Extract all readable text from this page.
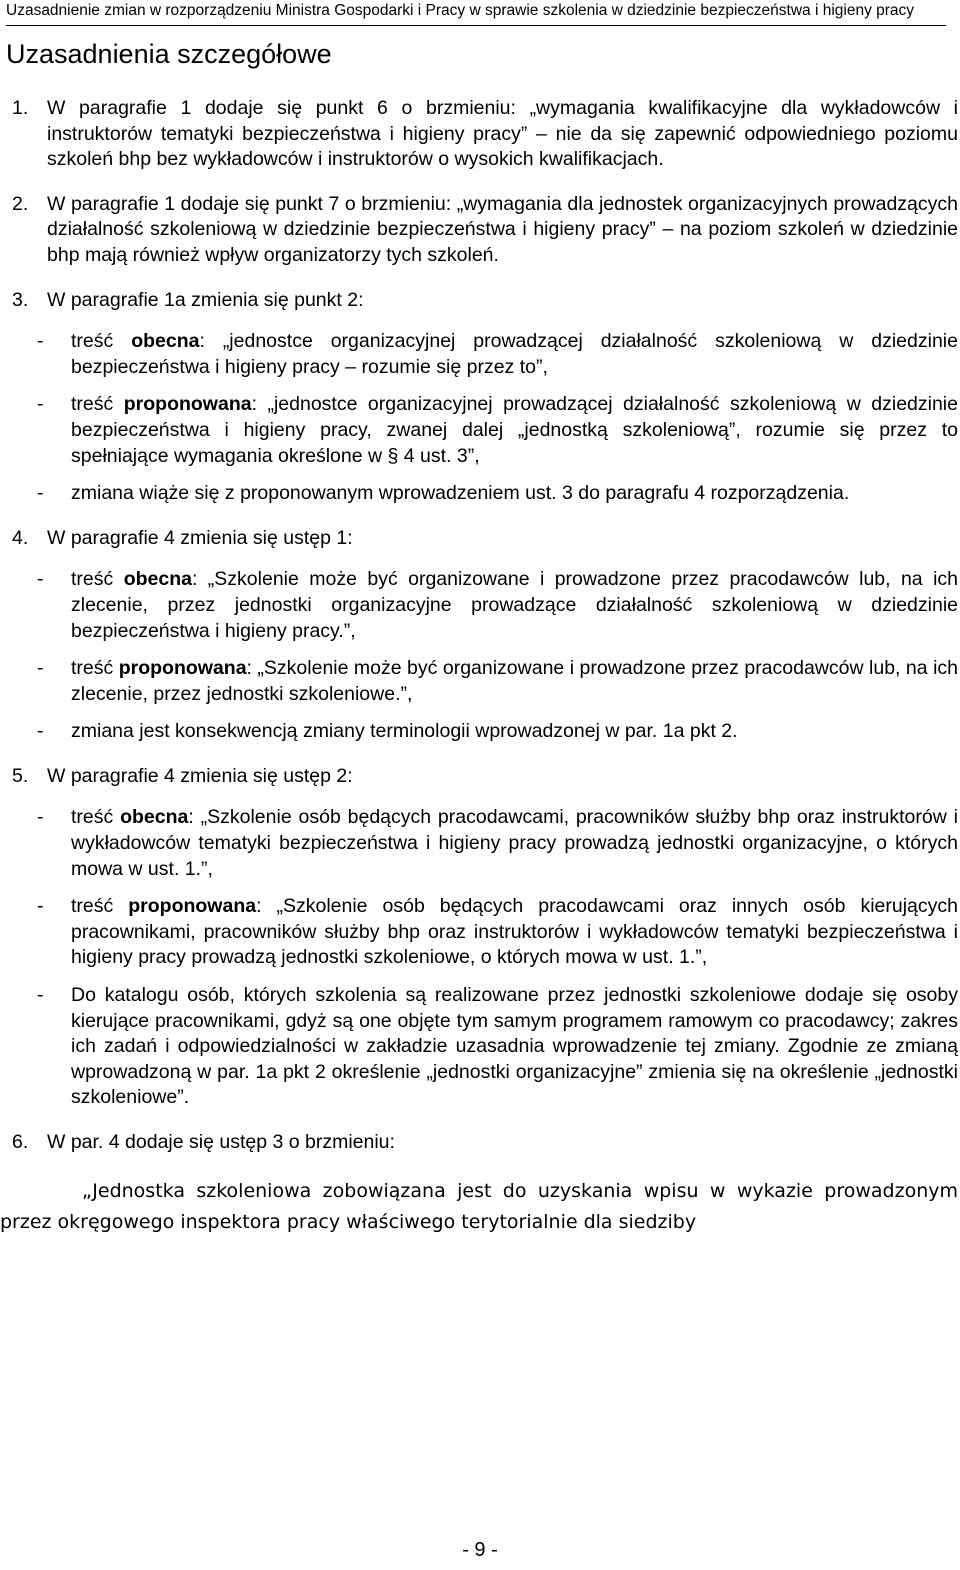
Uzasadnienie zmian w rozporządzeniu Ministra Gospodarki i Pracy w sprawie szkolenia w dziedzinie bezpieczeństwa i higieny pracy
Uzasadnienia szczegółowe
1. W paragrafie 1 dodaje się punkt 6 o brzmieniu: „wymagania kwalifikacyjne dla wykładowców i instruktorów tematyki bezpieczeństwa i higieny pracy” – nie da się zapewnić odpowiedniego poziomu szkoleń bhp bez wykładowców i instruktorów o wysokich kwalifikacjach.
2. W paragrafie 1 dodaje się punkt 7 o brzmieniu: „wymagania dla jednostek organizacyjnych prowadzących działalność szkoleniową w dziedzinie bezpieczeństwa i higieny pracy” – na poziom szkoleń w dziedzinie bhp mają również wpływ organizatorzy tych szkoleń.
3. W paragrafie 1a zmienia się punkt 2:
- treść obecna: „jednostce organizacyjnej prowadzącej działalność szkoleniową w dziedzinie bezpieczeństwa i higieny pracy – rozumie się przez to”,
- treść proponowana: „jednostce organizacyjnej prowadzącej działalność szkoleniową w dziedzinie bezpieczeństwa i higieny pracy, zwanej dalej „jednostką szkoleniową”, rozumie się przez to spełniające wymagania określone w § 4 ust. 3”,
- zmiana wiąże się z proponowanym wprowadzeniem ust. 3 do paragrafu 4 rozporządzenia.
4. W paragrafie 4 zmienia się ustęp 1:
- treść obecna: „Szkolenie może być organizowane i prowadzone przez pracodawców lub, na ich zlecenie, przez jednostki organizacyjne prowadzące działalność szkoleniową w dziedzinie bezpieczeństwa i higieny pracy.”,
- treść proponowana: „Szkolenie może być organizowane i prowadzone przez pracodawców lub, na ich zlecenie, przez jednostki szkoleniowe.”,
- zmiana jest konsekwencją zmiany terminologii wprowadzonej w par. 1a pkt 2.
5. W paragrafie 4 zmienia się ustęp 2:
- treść obecna: „Szkolenie osób będących pracodawcami, pracowników służby bhp oraz instruktorów i wykładowców tematyki bezpieczeństwa i higieny pracy prowadzą jednostki organizacyjne, o których mowa w ust. 1.”,
- treść proponowana: „Szkolenie osób będących pracodawcami oraz innych osób kierujących pracownikami, pracowników służby bhp oraz instruktorów i wykładowców tematyki bezpieczeństwa i higieny pracy prowadzą jednostki szkoleniowe, o których mowa w ust. 1.”,
- Do katalogu osób, których szkolenia są realizowane przez jednostki szkoleniowe dodaje się osoby kierujące pracownikami, gdyż są one objęte tym samym programem ramowym co pracodawcy; zakres ich zadań i odpowiedzialności w zakładzie uzasadnia wprowadzenie tej zmiany. Zgodnie ze zmianą wprowadzoną w par. 1a pkt 2 określenie „jednostki organizacyjne” zmienia się na określenie „jednostki szkoleniowe”.
6. W par. 4 dodaje się ustęp 3 o brzmieniu:
„Jednostka szkoleniowa zobowiązana jest do uzyskania wpisu w wykazie prowadzonym przez okręgowego inspektora pracy właściwego terytorialnie dla siedziby
- 9 -
